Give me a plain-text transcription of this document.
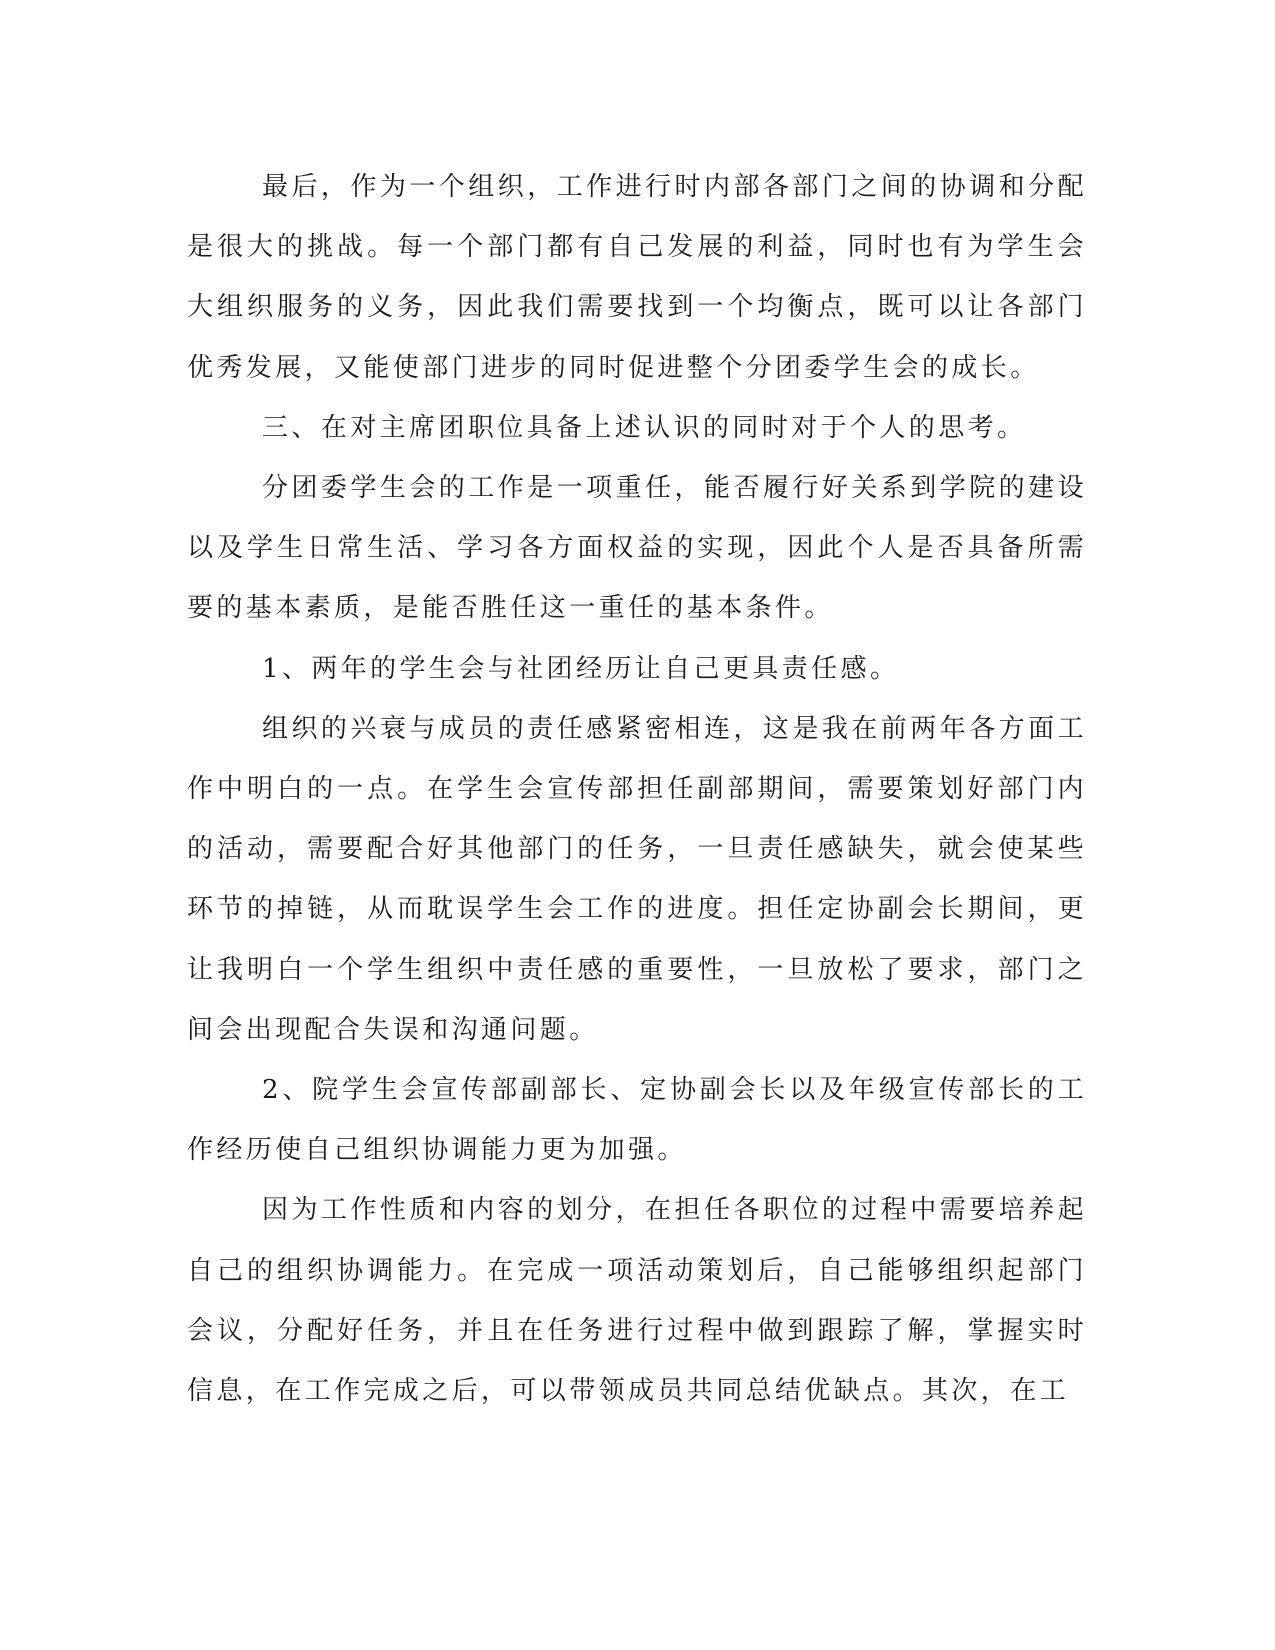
最后，作为一个组织，工作进行时内部各部门之间的协调和分配是很大的挑战。每一个部门都有自己发展的利益，同时也有为学生会大组织服务的义务，因此我们需要找到一个均衡点，既可以让各部门优秀发展，又能使部门进步的同时促进整个分团委学生会的成长。

三、在对主席团职位具备上述认识的同时对于个人的思考。

分团委学生会的工作是一项重任，能否履行好关系到学院的建设以及学生日常生活、学习各方面权益的实现，因此个人是否具备所需要的基本素质，是能否胜任这一重任的基本条件。

1、两年的学生会与社团经历让自己更具责任感。

组织的兴衰与成员的责任感紧密相连，这是我在前两年各方面工作中明白的一点。在学生会宣传部担任副部期间，需要策划好部门内的活动，需要配合好其他部门的任务，一旦责任感缺失，就会使某些环节的掉链，从而耽误学生会工作的进度。担任定协副会长期间，更让我明白一个学生组织中责任感的重要性，一旦放松了要求，部门之间会出现配合失误和沟通问题。

2、院学生会宣传部副部长、定协副会长以及年级宣传部长的工作经历使自己组织协调能力更为加强。

因为工作性质和内容的划分，在担任各职位的过程中需要培养起自己的组织协调能力。在完成一项活动策划后，自己能够组织起部门会议，分配好任务，并且在任务进行过程中做到跟踪了解，掌握实时信息，在工作完成之后，可以带领成员共同总结优缺点。其次，在工
